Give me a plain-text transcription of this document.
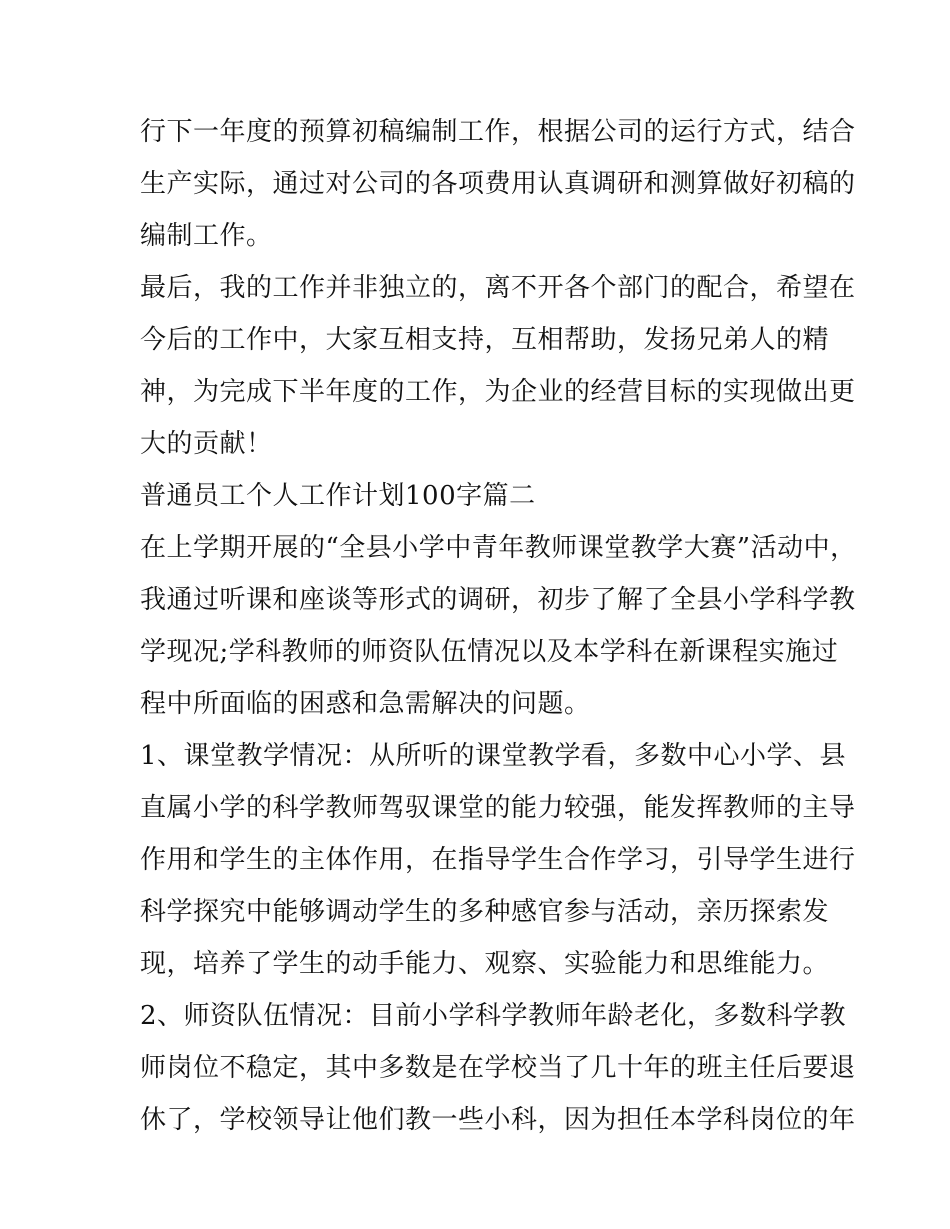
行下一年度的预算初稿编制工作，根据公司的运行方式，结合
生产实际，通过对公司的各项费用认真调研和测算做好初稿的
编制工作。
最后，我的工作并非独立的，离不开各个部门的配合，希望在
今后的工作中，大家互相支持，互相帮助，发扬兄弟人的精
神，为完成下半年度的工作，为企业的经营目标的实现做出更
大的贡献！
普通员工个人工作计划100字篇二
在上学期开展的“全县小学中青年教师课堂教学大赛”活动中，
我通过听课和座谈等形式的调研，初步了解了全县小学科学教
学现况;学科教师的师资队伍情况以及本学科在新课程实施过
程中所面临的困惑和急需解决的问题。
1、课堂教学情况：从所听的课堂教学看，多数中心小学、县
直属小学的科学教师驾驭课堂的能力较强，能发挥教师的主导
作用和学生的主体作用，在指导学生合作学习，引导学生进行
科学探究中能够调动学生的多种感官参与活动，亲历探索发
现，培养了学生的动手能力、观察、实验能力和思维能力。
2、师资队伍情况：目前小学科学教师年龄老化，多数科学教
师岗位不稳定，其中多数是在学校当了几十年的班主任后要退
休了，学校领导让他们教一些小科，因为担任本学科岗位的年
